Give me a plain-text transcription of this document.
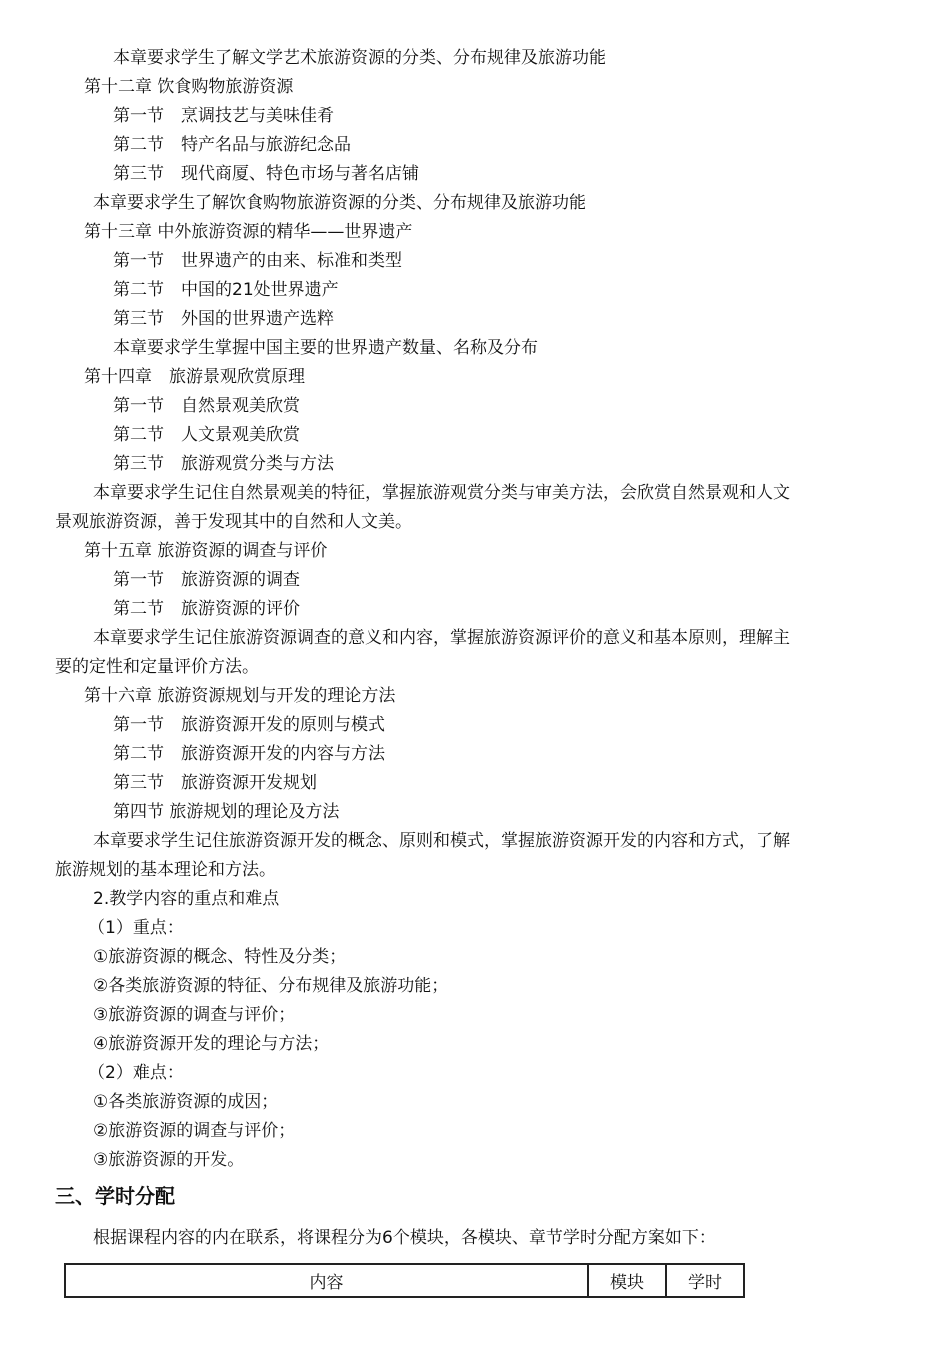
本章要求学生了解文学艺术旅游资源的分类、分布规律及旅游功能
第十二章 饮食购物旅游资源
第一节　烹调技艺与美味佳肴
第二节　特产名品与旅游纪念品
第三节　现代商厦、特色市场与著名店铺
本章要求学生了解饮食购物旅游资源的分类、分布规律及旅游功能
第十三章 中外旅游资源的精华——世界遗产
第一节　世界遗产的由来、标准和类型
第二节　中国的21处世界遗产
第三节　外国的世界遗产选粹
本章要求学生掌握中国主要的世界遗产数量、名称及分布
第十四章　旅游景观欣赏原理
第一节　自然景观美欣赏
第二节　人文景观美欣赏
第三节　旅游观赏分类与方法
本章要求学生记住自然景观美的特征，掌握旅游观赏分类与审美方法，会欣赏自然景观和人文
景观旅游资源，善于发现其中的自然和人文美。
第十五章 旅游资源的调查与评价
第一节　旅游资源的调查
第二节　旅游资源的评价
本章要求学生记住旅游资源调查的意义和内容，掌握旅游资源评价的意义和基本原则，理解主
要的定性和定量评价方法。
第十六章 旅游资源规划与开发的理论方法
第一节　旅游资源开发的原则与模式
第二节　旅游资源开发的内容与方法
第三节　旅游资源开发规划
第四节 旅游规划的理论及方法
本章要求学生记住旅游资源开发的概念、原则和模式，掌握旅游资源开发的内容和方式，了解
旅游规划的基本理论和方法。
2.教学内容的重点和难点
（1）重点：
①旅游资源的概念、特性及分类；
②各类旅游资源的特征、分布规律及旅游功能；
③旅游资源的调查与评价；
④旅游资源开发的理论与方法；
（2）难点：
①各类旅游资源的成因；
②旅游资源的调查与评价；
③旅游资源的开发。
三、学时分配
根据课程内容的内在联系，将课程分为6个模块，各模块、章节学时分配方案如下：
内容	模块	学时
